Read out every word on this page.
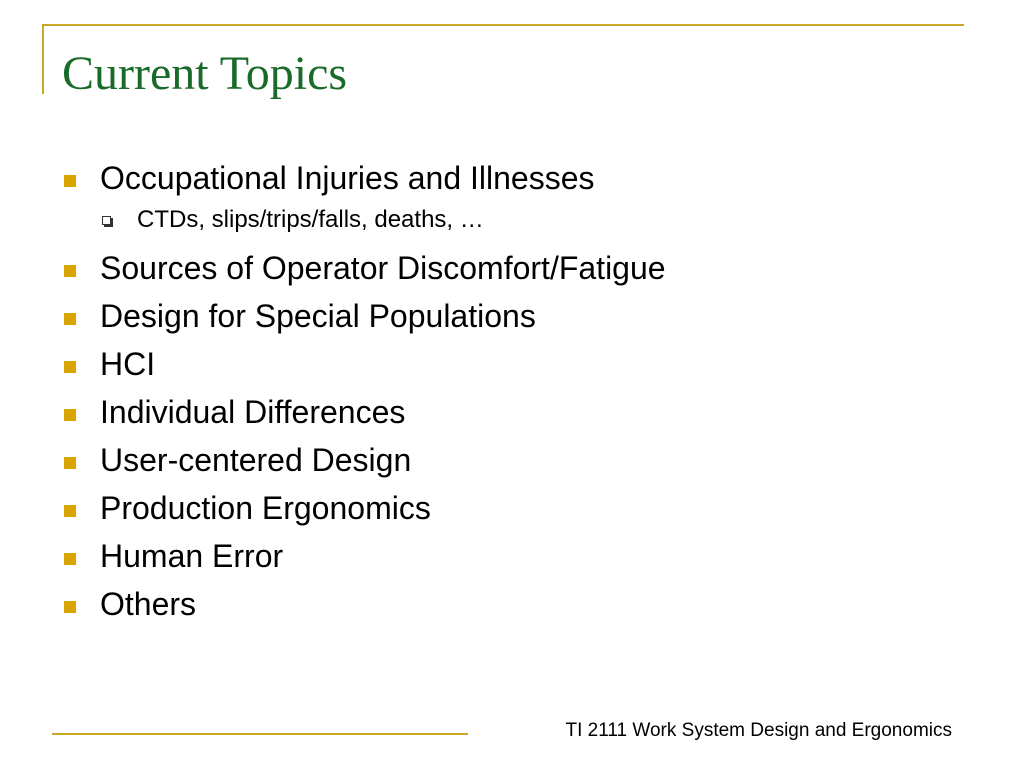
Current Topics
Occupational Injuries and Illnesses
CTDs, slips/trips/falls, deaths, …
Sources of Operator Discomfort/Fatigue
Design for Special Populations
HCI
Individual Differences
User-centered Design
Production Ergonomics
Human Error
Others
TI 2111 Work System Design and Ergonomics
